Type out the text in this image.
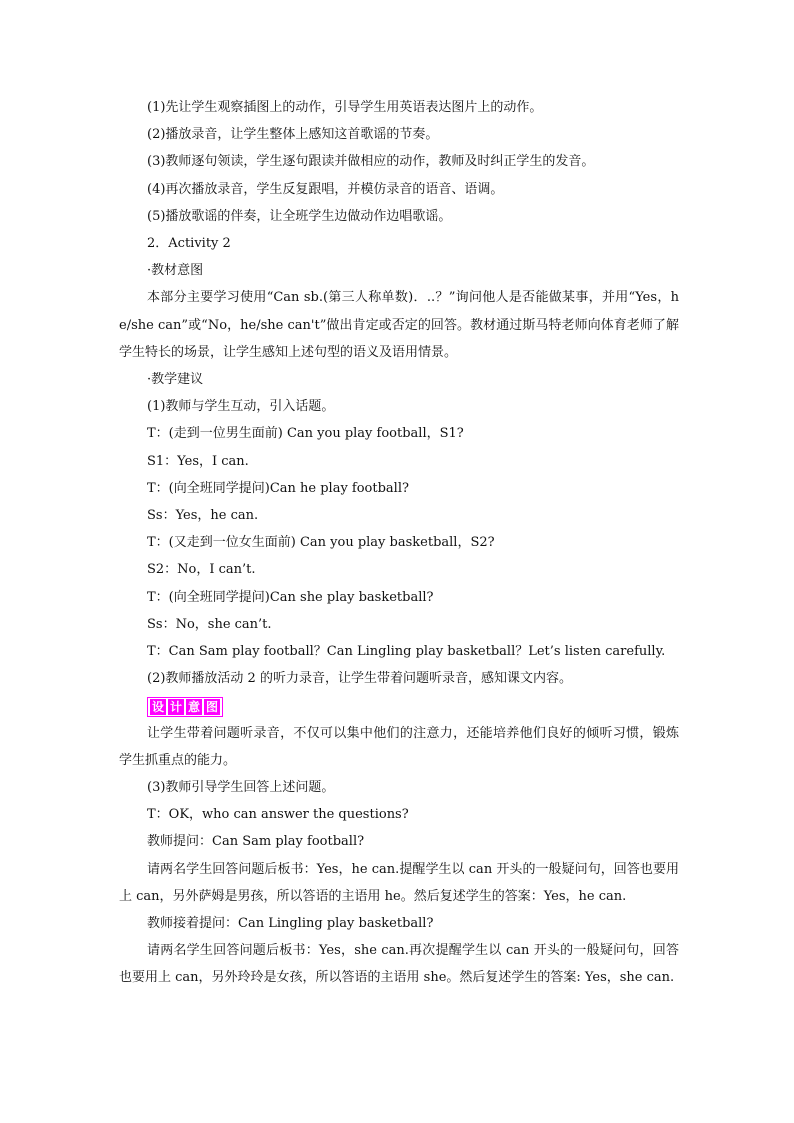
(1)先让学生观察插图上的动作，引导学生用英语表达图片上的动作。

(2)播放录音，让学生整体上感知这首歌谣的节奏。

(3)教师逐句领读，学生逐句跟读并做相应的动作，教师及时纠正学生的发音。

(4)再次播放录音，学生反复跟唱，并模仿录音的语音、语调。

(5)播放歌谣的伴奏，让全班学生边做动作边唱歌谣。

2．Activity 2

·教材意图

本部分主要学习使用“Can sb.(第三人称单数)．..？”询问他人是否能做某事，并用“Yes，he/she can”或“No，he/she can't”做出肯定或否定的回答。教材通过斯马特老师向体育老师了解学生特长的场景，让学生感知上述句型的语义及语用情景。

·教学建议

(1)教师与学生互动，引入话题。

T：(走到一位男生面前) Can you play football，S1?

S1：Yes，I can.

T：(向全班同学提问)Can he play football?

Ss：Yes，he can.

T：(又走到一位女生面前) Can you play basketball，S2?

S2：No，I can’t.

T：(向全班同学提问)Can she play basketball?

Ss：No，she can’t.

T：Can Sam play football？Can Lingling play basketball？Let’s listen carefully.

(2)教师播放活动 2 的听力录音，让学生带着问题听录音，感知课文内容。

设 计 意 图

让学生带着问题听录音，不仅可以集中他们的注意力，还能培养他们良好的倾听习惯，锻炼学生抓重点的能力。

(3)教师引导学生回答上述问题。

T：OK，who can answer the questions?

教师提问：Can Sam play football?

请两名学生回答问题后板书：Yes，he can.提醒学生以 can 开头的一般疑问句，回答也要用上 can，另外萨姆是男孩，所以答语的主语用 he。然后复述学生的答案：Yes，he can.

教师接着提问：Can Lingling play basketball?

请两名学生回答问题后板书：Yes，she can.再次提醒学生以 can 开头的一般疑问句，回答也要用上 can，另外玲玲是女孩，所以答语的主语用 she。然后复述学生的答案: Yes，she can.
